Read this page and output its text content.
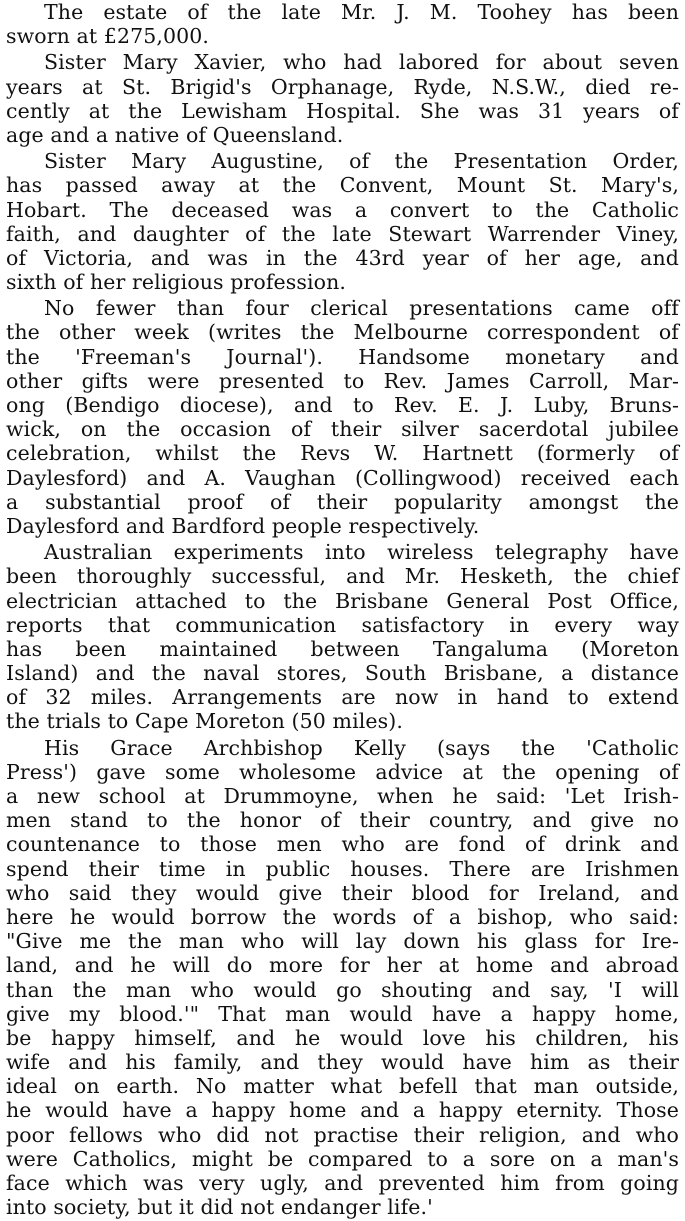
The estate of the late Mr. J. M. Toohey has been
sworn at £275,000.
Sister Mary Xavier, who had labored for about seven
years at St. Brigid's Orphanage, Ryde, N.S.W., died re-
cently at the Lewisham Hospital. She was 31 years of
age and a native of Queensland.
Sister Mary Augustine, of the Presentation Order,
has passed away at the Convent, Mount St. Mary's,
Hobart. The deceased was a convert to the Catholic
faith, and daughter of the late Stewart Warrender Viney,
of Victoria, and was in the 43rd year of her age, and
sixth of her religious profession.
No fewer than four clerical presentations came off
the other week (writes the Melbourne correspondent of
the 'Freeman's Journal'). Handsome monetary and
other gifts were presented to Rev. James Carroll, Mar-
ong (Bendigo diocese), and to Rev. E. J. Luby, Bruns-
wick, on the occasion of their silver sacerdotal jubilee
celebration, whilst the Revs W. Hartnett (formerly of
Daylesford) and A. Vaughan (Collingwood) received each
a substantial proof of their popularity amongst the
Daylesford and Bardford people respectively.
Australian experiments into wireless telegraphy have
been thoroughly successful, and Mr. Hesketh, the chief
electrician attached to the Brisbane General Post Office,
reports that communication satisfactory in every way
has been maintained between Tangaluma (Moreton
Island) and the naval stores, South Brisbane, a distance
of 32 miles. Arrangements are now in hand to extend
the trials to Cape Moreton (50 miles).
His Grace Archbishop Kelly (says the 'Catholic
Press') gave some wholesome advice at the opening of
a new school at Drummoyne, when he said: 'Let Irish-
men stand to the honor of their country, and give no
countenance to those men who are fond of drink and
spend their time in public houses. There are Irishmen
who said they would give their blood for Ireland, and
here he would borrow the words of a bishop, who said:
"Give me the man who will lay down his glass for Ire-
land, and he will do more for her at home and abroad
than the man who would go shouting and say, 'I will
give my blood.'" That man would have a happy home,
be happy himself, and he would love his children, his
wife and his family, and they would have him as their
ideal on earth. No matter what befell that man outside,
he would have a happy home and a happy eternity. Those
poor fellows who did not practise their religion, and who
were Catholics, might be compared to a sore on a man's
face which was very ugly, and prevented him from going
into society, but it did not endanger life.'
